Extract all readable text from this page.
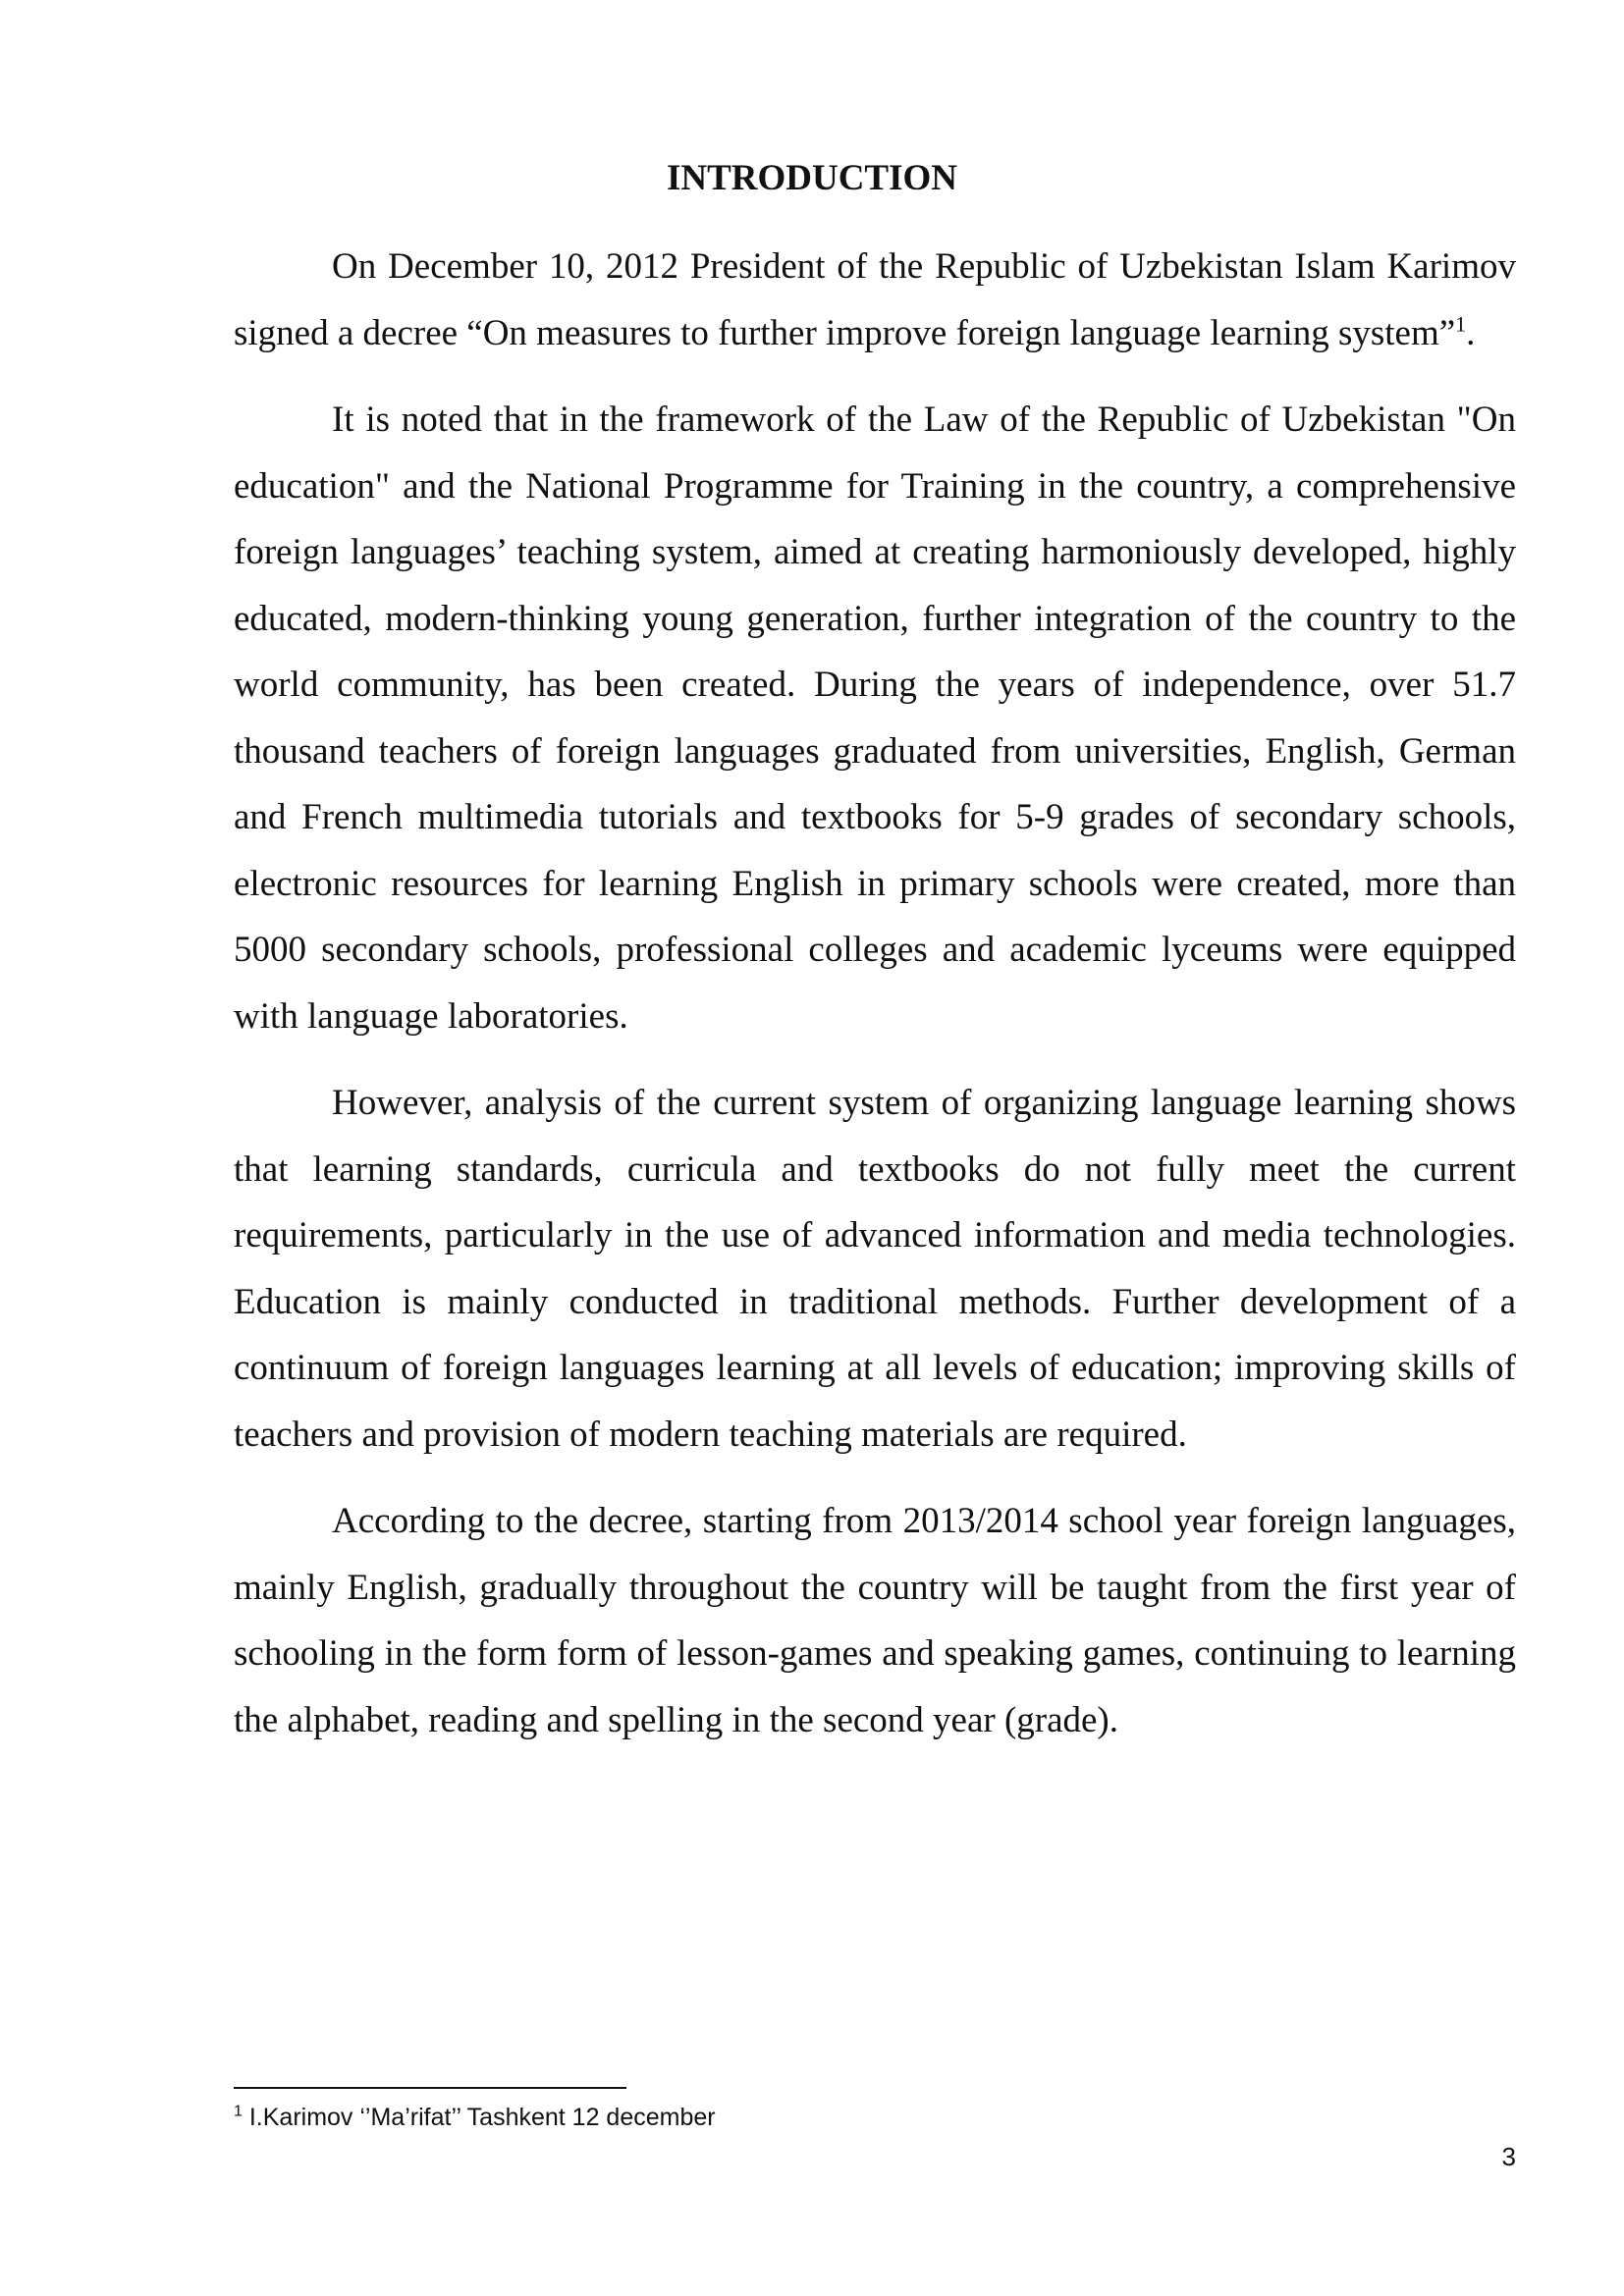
INTRODUCTION

On December 10, 2012 President of the Republic of Uzbekistan Islam Karimov signed a decree “On measures to further improve foreign language learning system”$^1$.

It is noted that in the framework of the Law of the Republic of Uzbekistan "On education" and the National Programme for Training in the country, a comprehensive foreign languages’ teaching system, aimed at creating harmoniously developed, highly educated, modern-thinking young generation, further integration of the country to the world community, has been created. During the years of independence, over 51.7 thousand teachers of foreign languages graduated from universities, English, German and French multimedia tutorials and textbooks for 5-9 grades of secondary schools, electronic resources for learning English in primary schools were created, more than 5000 secondary schools, professional colleges and academic lyceums were equipped with language laboratories.

However, analysis of the current system of organizing language learning shows that learning standards, curricula and textbooks do not fully meet the current requirements, particularly in the use of advanced information and media technologies. Education is mainly conducted in traditional methods. Further development of a continuum of foreign languages learning at all levels of education; improving skills of teachers and provision of modern teaching materials are required.

According to the decree, starting from 2013/2014 school year foreign languages, mainly English, gradually throughout the country will be taught from the first year of schooling in the form form of lesson-games and speaking games, continuing to learning the alphabet, reading and spelling in the second year (grade).

$^1$ I.Karimov ‘’Ma’rifat’’ Tashkent 12 december
3
